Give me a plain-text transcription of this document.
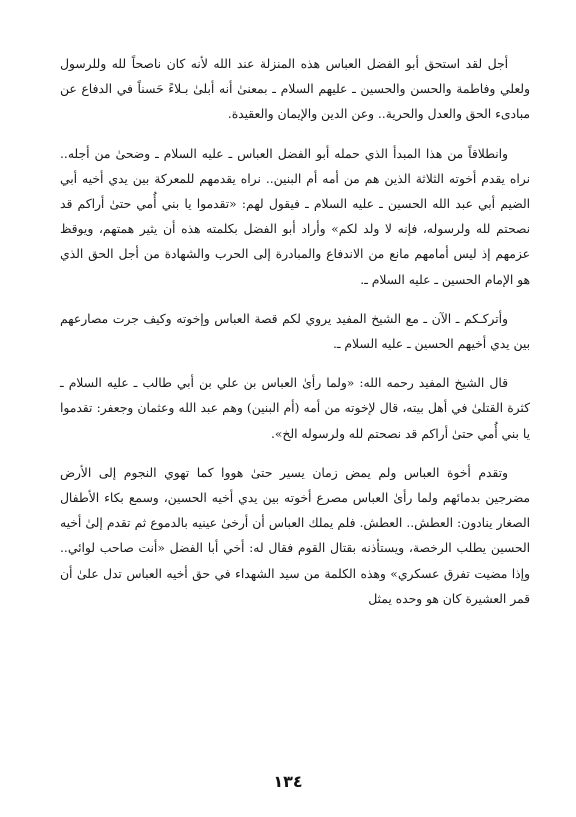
أجل لقد استحق أبو الفضل العباس هذه المنزلة عند الله لأنه كان ناصحاً لله وللرسول ولعلي وفاطمة والحسن والحسين ـ عليهم السلام ـ بمعنىٰ أنه أبلىٰ بـلاءً حَسناً في الدفاع عن مبادىء الحق والعدل والحرية.. وعن الدين والإيمان والعقيدة.

وانطلاقاً من هذا المبدأ الذي حمله أبو الفضل العباس ـ عليه السلام ـ وضحىٰ من أجله.. نراه يقدم أخوته الثلاثة الذين هم من أمه أم البنين.. نراه يقدمهم للمعركة بين يدي أخيه أبي الضيم أبي عبد الله الحسين ـ عليه السلام ـ فيقول لهم: «تقدموا يا بني أُمي حتىٰ أراكم قد نصحتم لله ولرسوله، فإنه لا ولد لكم» وأراد أبو الفضل بكلمته هذه أن يثير همتهم، ويوقظ عزمهم إذ ليس أمامهم مانع من الاندفاع والمبادرة إلى الحرب والشهادة من أجل الحق الذي هو الإمام الحسين ـ عليه السلام ـ.

وأتركـكم ـ الآن ـ مع الشيخ المفيد يروي لكم قصة العباس وإخوته وكيف جرت مصارعهم بين يدي أخيهم الحسين ـ عليه السلام ـ.

قال الشيخ المفيد رحمه الله: «ولما رأىٰ العباس بن علي بن أبي طالب ـ عليه السلام ـ كثرة القتلىٰ في أهل بيته، قال لإخوته من أمه (أم البنين) وهم عبد الله وعثمان وجعفر: تقدموا يا بني أُمي حتىٰ أراكم قد نصحتم لله ولرسوله الخ».

وتقدم أخوة العباس ولم يمض زمان يسير حتىٰ هووا كما تهوي النجوم إلى الأرض مضرجين بدمائهم ولما رأىٰ العباس مصرع أخوته بين يدي أخيه الحسين، وسمع بكاء الأطفال الصغار ينادون: العطش.. العطش. فلم يملك العباس أن أرخىٰ عينيه بالدموع ثم تقدم إلىٰ أخيه الحسين يطلب الرخصة، ويستأذنه بقتال القوم فقال له: أخي أبا الفضل «أنت صاحب لوائي.. وإذا مضيت تفرق عسكري» وهذه الكلمة من سيد الشهداء في حق أخيه العباس تدل علىٰ أن قمر العشيرة كان هو وحده يمثل

١٣٤
